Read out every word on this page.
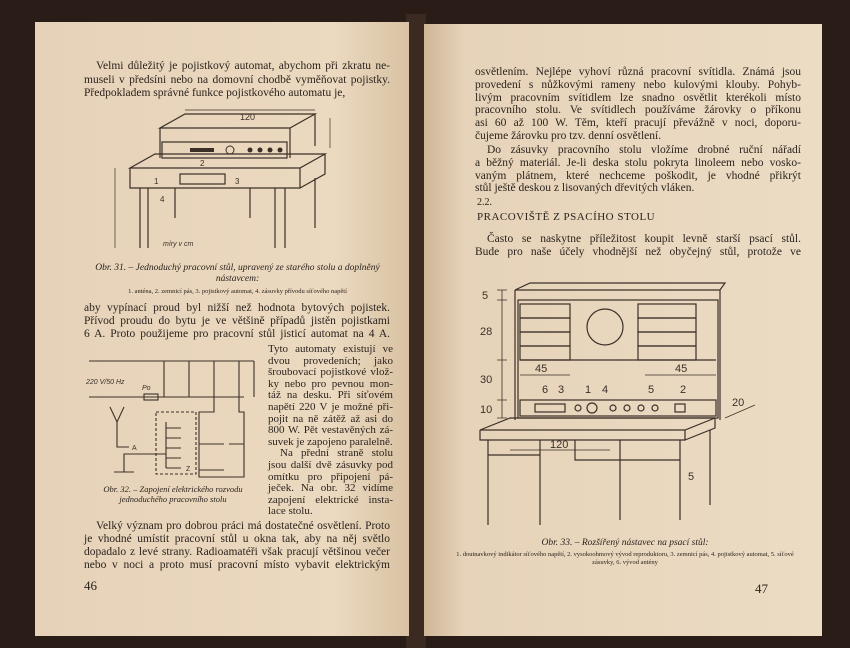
Velmi důležitý je pojistkový automat, abychom při zkratu ne-
museli v předsíni nebo na domovní chodbě vyměňovat pojistky.
Předpokladem správné funkce pojistkového automatu je,
120
míry v cm
1
2
3
4
Obr. 31. – Jednoduchý pracovní stůl, upravený ze starého stolu a doplněný nástavcem:
1. anténa, 2. zemnicí pás, 3. pojistkový automat, 4. zásuvky přívodu síťového napětí
aby vypínací proud byl nižší než hodnota bytových pojistek.
Přívod proudu do bytu je ve většině případů jistěn pojistkami
6 A. Proto použijeme pro pracovní stůl jisticí automat na 4 A.
220 V/50 Hz
Po
A
Z
Obr. 32. – Zapojení elektrického rozvodu jednoduchého pracovního stolu
Tyto automaty existují ve
dvou provedeních; jako
šroubovací pojistkové vlož-
ky nebo pro pevnou mon-
táž na desku. Při síťovém
napětí 220 V je možné při-
pojit na ně zátěž až asi do
800 W. Pět vestavěných zá-
suvek je zapojeno paralelně.
Na přední straně stolu
jsou další dvě zásuvky pod
omítku pro připojení pá-
ječek. Na obr. 32 vidíme
zapojení elektrické insta-
lace stolu.
Velký význam pro dobrou práci má dostatečné osvětlení. Proto
je vhodné umístit pracovní stůl u okna tak, aby na něj světlo
dopadalo z levé strany. Radioamatéři však pracují většinou večer
nebo v noci a proto musí pracovní místo vybavit elektrickým
46
osvětlením. Nejlépe vyhoví různá pracovní svítidla. Známá jsou
provedení s nůžkovými rameny nebo kulovými klouby. Pohyb-
livým pracovním svítidlem lze snadno osvětlit kterékoli místo
pracovního stolu. Ve svítidlech používáme žárovky o příkonu
asi 60 až 100 W. Těm, kteří pracují převážně v noci, doporu-
čujeme žárovku pro tzv. denní osvětlení.
Do zásuvky pracovního stolu vložíme drobné ruční nářadí
a běžný materiál. Je-li deska stolu pokryta linoleem nebo vosko-
vaným plátnem, které nechceme poškodit, je vhodné přikrýt
stůl ještě deskou z lisovaných dřevitých vláken.
2.2.
PRACOVIŠTĚ Z PSACÍHO STOLU
Často se naskytne příležitost koupit levně starší psací stůl.
Bude pro naše účely vhodnější než obyčejný stůl, protože ve
5
28
30
10
45	45
120
20
6 3 1 4	5 2
5
Obr. 33. – Rozšířený nástavec na psací stůl:
1. doutnavkový indikátor síťového napětí, 2. vysokoohmový vývod reproduktoru, 3. zemnicí pás, 4. pojistkový automat, 5. síťové zásuvky, 6. vývod antény
47
